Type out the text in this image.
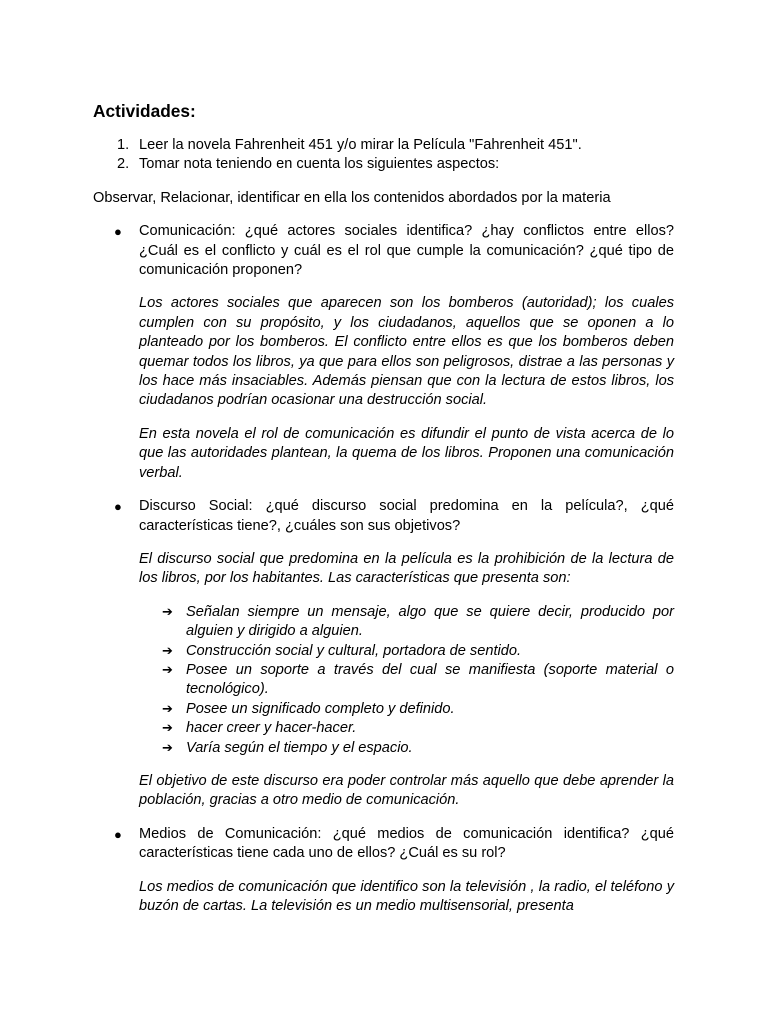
Actividades:
1. Leer la novela Fahrenheit 451 y/o mirar la Película "Fahrenheit 451".
2. Tomar nota teniendo en cuenta los siguientes aspectos:

Observar, Relacionar, identificar en ella los contenidos abordados por la materia

● Comunicación: ¿qué actores sociales identifica? ¿hay conflictos entre ellos? ¿Cuál es el conflicto y cuál es el rol que cumple la comunicación? ¿qué tipo de comunicación proponen?

Los actores sociales que aparecen son los bomberos (autoridad); los cuales cumplen con su propósito, y los ciudadanos, aquellos que se oponen a lo planteado por los bomberos. El conflicto entre ellos es que los bomberos deben quemar todos los libros, ya que para ellos son peligrosos, distrae a las personas y los hace más insaciables. Además piensan que con la lectura de estos libros, los ciudadanos podrían ocasionar una destrucción social.

En esta novela el rol de comunicación es difundir el punto de vista acerca de lo que las autoridades plantean, la quema de los libros. Proponen una comunicación verbal.

● Discurso Social: ¿qué discurso social predomina en la película?, ¿qué características tiene?, ¿cuáles son sus objetivos?

El discurso social que predomina en la película es la prohibición de la lectura de los libros, por los habitantes. Las características que presenta son:

➔ Señalan siempre un mensaje, algo que se quiere decir, producido por alguien y dirigido a alguien.
➔ Construcción social y cultural, portadora de sentido.
➔ Posee un soporte a través del cual se manifiesta (soporte material o tecnológico).
➔ Posee un significado completo y definido.
➔ hacer creer y hacer-hacer.
➔ Varía según el tiempo y el espacio.

El objetivo de este discurso era poder controlar más aquello que debe aprender la población, gracias a otro medio de comunicación.

● Medios de Comunicación: ¿qué medios de comunicación identifica? ¿qué características tiene cada uno de ellos? ¿Cuál es su rol?

Los medios de comunicación que identifico son la televisión , la radio, el teléfono y buzón de cartas. La televisión es un medio multisensorial, presenta
